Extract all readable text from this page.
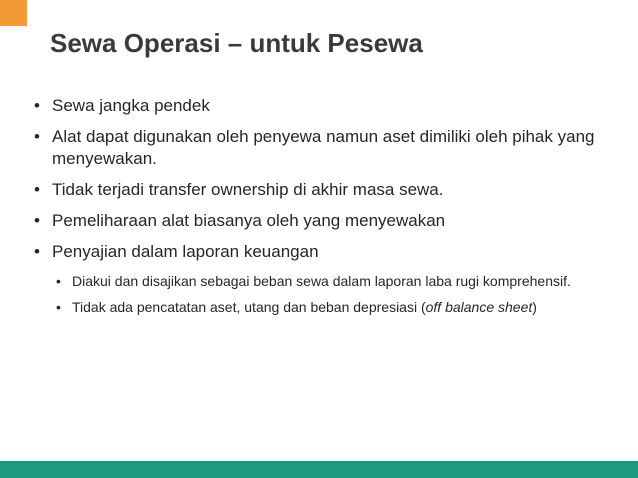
Sewa Operasi – untuk Pesewa
• Sewa jangka pendek
• Alat dapat digunakan oleh penyewa namun aset dimiliki oleh pihak yang menyewakan.
• Tidak terjadi transfer ownership di akhir masa sewa.
• Pemeliharaan alat biasanya oleh yang menyewakan
• Penyajian dalam laporan keuangan
• Diakui dan disajikan sebagai beban sewa dalam laporan laba rugi komprehensif.
• Tidak ada pencatatan aset, utang dan beban depresiasi (off balance sheet)
